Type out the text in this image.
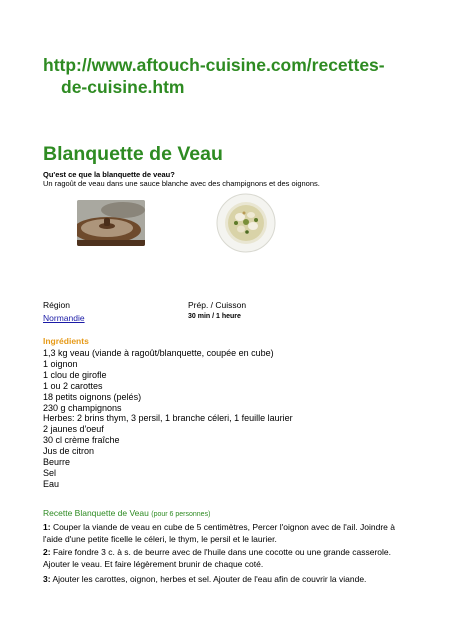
http://www.aftouch-cuisine.com/recettes-
de-cuisine.htm
Blanquette de Veau
Qu'est ce que la blanquette de veau?
Un ragoût de veau dans une sauce blanche avec des champignons et des oignons.
Région
Normandie
Prép. / Cuisson
30 min / 1 heure
Ingrédients
1,3 kg veau (viande à ragoût/blanquette, coupée en cube)
1 oignon
1 clou de girofle
1 ou 2 carottes
18 petits oignons (pelés)
230 g champignons
Herbes: 2 brins thym, 3 persil, 1 branche céleri, 1 feuille laurier
2 jaunes d'oeuf
30 cl crème fraîche
Jus de citron
Beurre
Sel
Eau
Recette Blanquette de Veau (pour 6 personnes)
1: Couper la viande de veau en cube de 5 centimètres, Percer l'oignon avec de l'ail. Joindre à l'aide d'une petite ficelle le céleri, le thym, le persil et le laurier.
2: Faire fondre 3 c. à s. de beurre avec de l'huile dans une cocotte ou une grande casserole. Ajouter le veau. Et faire légèrement brunir de chaque coté.
3: Ajouter les carottes, oignon, herbes et sel. Ajouter de l'eau afin de couvrir la viande.
